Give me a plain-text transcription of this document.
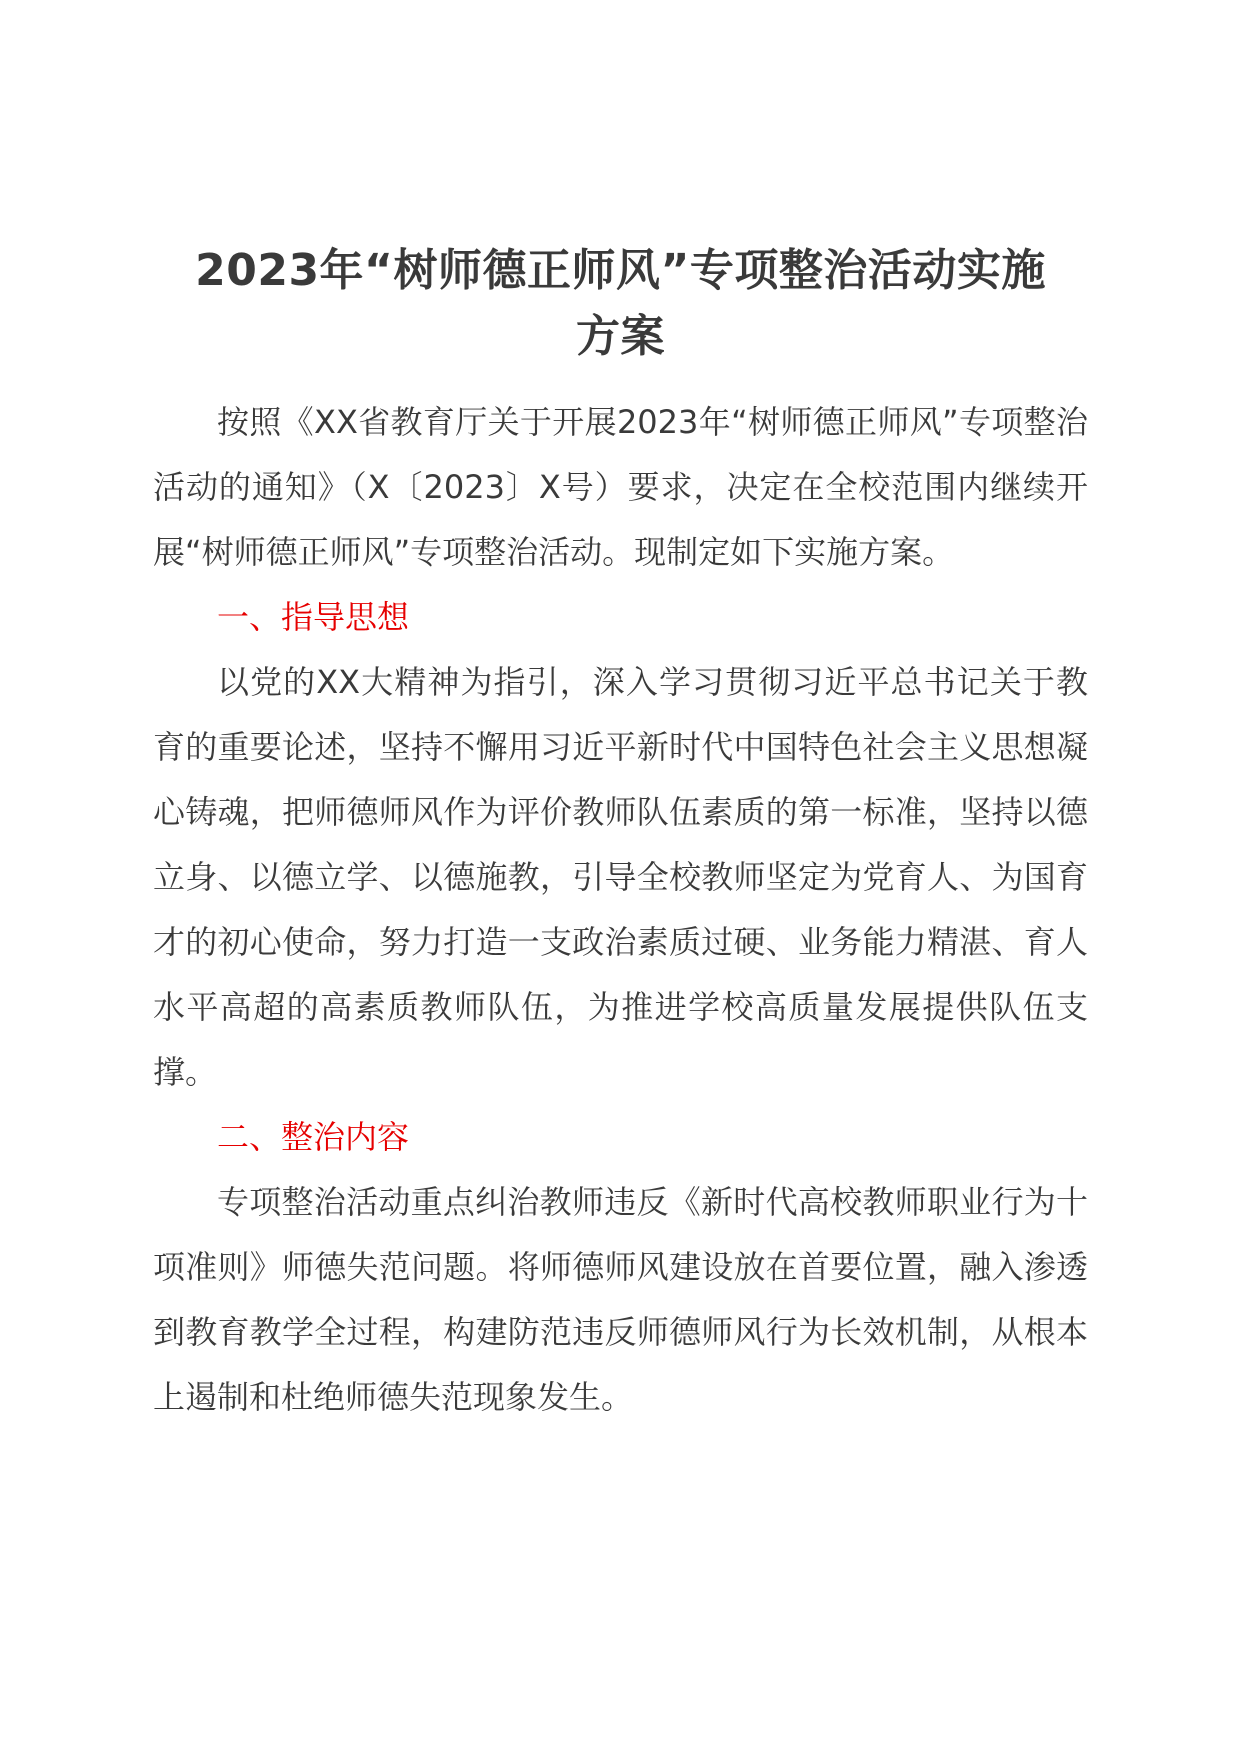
2023年“树师德正师风”专项整治活动实施
方案

按照《XX省教育厅关于开展2023年“树师德正师风”专项整治活动的通知》（X〔2023〕X号）要求，决定在全校范围内继续开展“树师德正师风”专项整治活动。现制定如下实施方案。

一、指导思想

以党的XX大精神为指引，深入学习贯彻习近平总书记关于教育的重要论述，坚持不懈用习近平新时代中国特色社会主义思想凝心铸魂，把师德师风作为评价教师队伍素质的第一标准，坚持以德立身、以德立学、以德施教，引导全校教师坚定为党育人、为国育才的初心使命，努力打造一支政治素质过硬、业务能力精湛、育人水平高超的高素质教师队伍，为推进学校高质量发展提供队伍支撑。

二、整治内容

专项整治活动重点纠治教师违反《新时代高校教师职业行为十项准则》师德失范问题。将师德师风建设放在首要位置，融入渗透到教育教学全过程，构建防范违反师德师风行为长效机制，从根本上遏制和杜绝师德失范现象发生。
